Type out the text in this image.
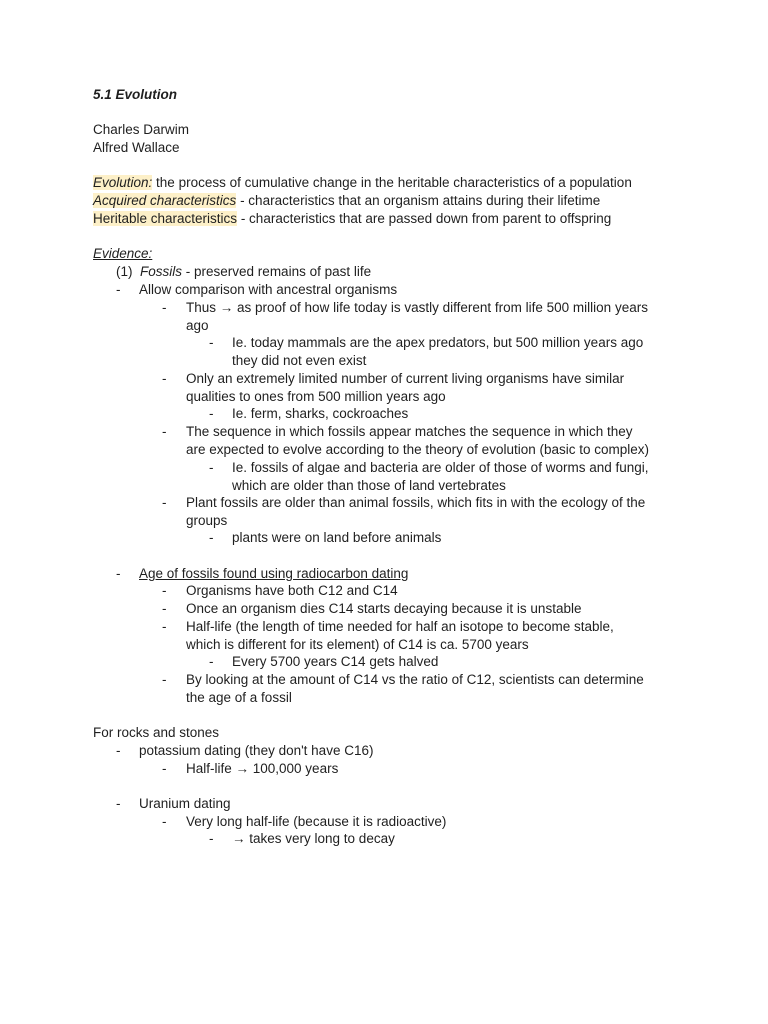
5.1 Evolution
Charles Darwim
Alfred Wallace
Evolution: the process of cumulative change in the heritable characteristics of a population
Acquired characteristics - characteristics that an organism attains during their lifetime
Heritable characteristics - characteristics that are passed down from parent to offspring
Evidence:
(1) Fossils - preserved remains of past life
- Allow comparison with ancestral organisms
- Thus → as proof of how life today is vastly different from life 500 million years
ago
- Ie. today mammals are the apex predators, but 500 million years ago
they did not even exist
- Only an extremely limited number of current living organisms have similar
qualities to ones from 500 million years ago
- Ie. ferm, sharks, cockroaches
- The sequence in which fossils appear matches the sequence in which they
are expected to evolve according to the theory of evolution (basic to complex)
- Ie. fossils of algae and bacteria are older of those of worms and fungi,
which are older than those of land vertebrates
- Plant fossils are older than animal fossils, which fits in with the ecology of the
groups
- plants were on land before animals
- Age of fossils found using radiocarbon dating
- Organisms have both C12 and C14
- Once an organism dies C14 starts decaying because it is unstable
- Half-life (the length of time needed for half an isotope to become stable,
which is different for its element) of C14 is ca. 5700 years
- Every 5700 years C14 gets halved
- By looking at the amount of C14 vs the ratio of C12, scientists can determine
the age of a fossil
For rocks and stones
- potassium dating (they don't have C16)
- Half-life → 100,000 years
- Uranium dating
- Very long half-life (because it is radioactive)
- → takes very long to decay
